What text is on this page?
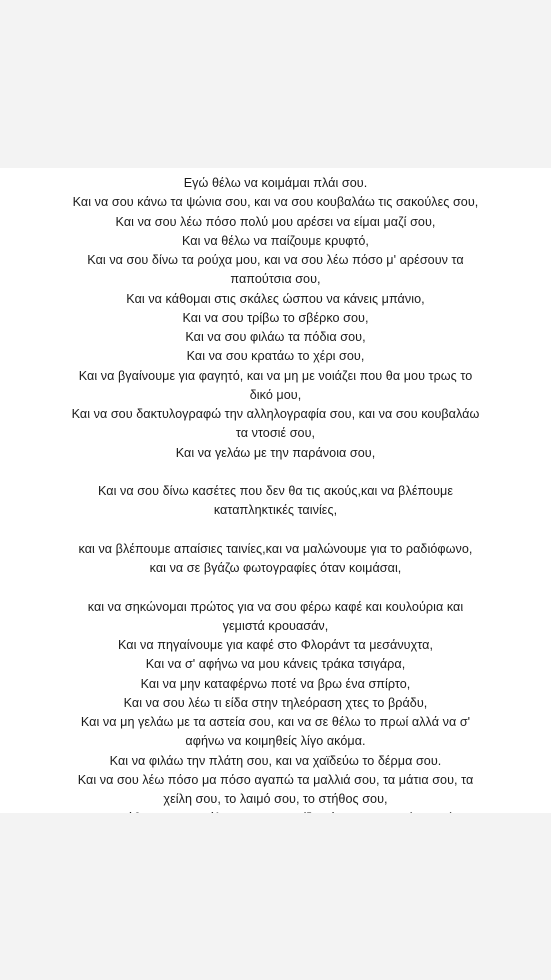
Εγώ θέλω να κοιμάμαι πλάι σου.
Και να σου κάνω τα ψώνια σου, και να σου κουβαλάω τις σακούλες σου,
Και να σου λέω πόσο πολύ μου αρέσει να είμαι μαζί σου,
Και να θέλω να παίζουμε κρυφτό,
Και να σου δίνω τα ρούχα μου, και να σου λέω πόσο μ' αρέσουν τα
παπούτσια σου,
Και να κάθομαι στις σκάλες ώσπου να κάνεις μπάνιο,
Και να σου τρίβω το σβέρκο σου,
Και να σου φιλάω τα πόδια σου,
Και να σου κρατάω το χέρι σου,
Και να βγαίνουμε για φαγητό, και να μη με νοιάζει που θα μου τρως το
δικό μου,
Και να σου δακτυλογραφώ την αλληλογραφία σου, και να σου κουβαλάω
τα ντοσιέ σου,
Και να γελάω με την παράνοια σου,
Και να σου δίνω κασέτες που δεν θα τις ακούς,και να βλέπουμε
καταπληκτικές ταινίες,
και να βλέπουμε απαίσιες ταινίες,και να μαλώνουμε για το ραδιόφωνο,
και να σε βγάζω φωτογραφίες όταν κοιμάσαι,
και να σηκώνομαι πρώτος για να σου φέρω καφέ και κουλούρια και
γεμιστά κρουασάν,
Και να πηγαίνουμε για καφέ στο Φλοράντ τα μεσάνυχτα,
Και να σ' αφήνω να μου κάνεις τράκα τσιγάρα,
Και να μην καταφέρνω ποτέ να βρω ένα σπίρτο,
Και να σου λέω τι είδα στην τηλεόραση χτες το βράδυ,
Και να μη γελάω με τα αστεία σου, και να σε θέλω το πρωί αλλά να σ'
αφήνω να κοιμηθείς λίγο ακόμα.
Και να φιλάω την πλάτη σου, και να χαϊδεύω το δέρμα σου.
Και να σου λέω πόσο μα πόσο αγαπώ τα μαλλιά σου, τα μάτια σου, τα
χείλη σου, το λαιμό σου, το στήθος σου,
